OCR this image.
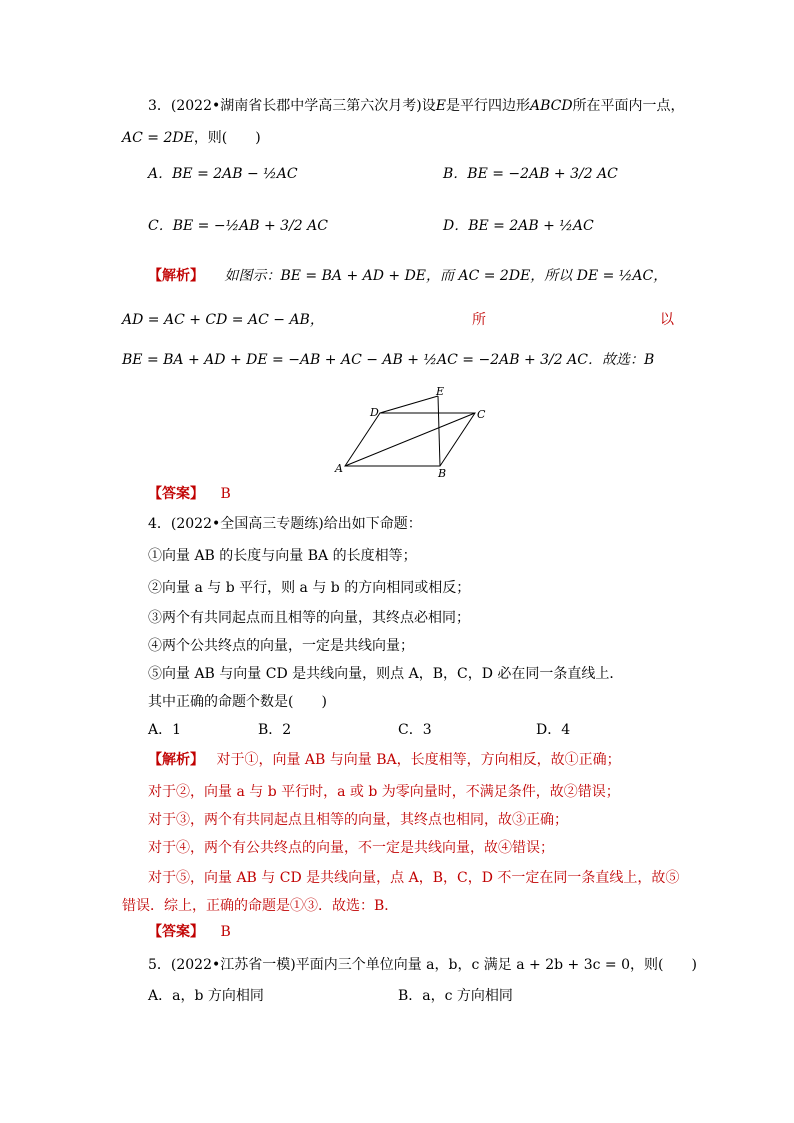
3．(2022•湖南省长郡中学高三第六次月考)设E是平行四边形ABCD所在平面内一点，
AC = 2DE，则(　　)
A．BE = 2AB − ½AC	B．BE = −2AB + 3/2 AC
C．BE = −½AB + 3/2 AC	D．BE = 2AB + ½AC
【解析】 如图示：BE = BA + AD + DE，而 AC = 2DE，所以 DE = ½AC，
AD = AC + CD = AC − AB，	所	以
BE = BA + AD + DE = −AB + AC − AB + ½AC = −2AB + 3/2 AC．故选：B
D
E
C
A	B
【答案】 B
4．(2022•全国高三专题练)给出如下命题：
①向量 AB 的长度与向量 BA 的长度相等；
②向量 a 与 b 平行，则 a 与 b 的方向相同或相反；
③两个有共同起点而且相等的向量，其终点必相同；
④两个公共终点的向量，一定是共线向量；
⑤向量 AB 与向量 CD 是共线向量，则点 A，B，C，D 必在同一条直线上．
其中正确的命题个数是(　　)
A．1	B．2	C．3	D．4
【解析】 对于①，向量 AB 与向量 BA，长度相等，方向相反，故①正确；
对于②，向量 a 与 b 平行时，a 或 b 为零向量时，不满足条件，故②错误；
对于③，两个有共同起点且相等的向量，其终点也相同，故③正确；
对于④，两个有公共终点的向量，不一定是共线向量，故④错误；
对于⑤，向量 AB 与 CD 是共线向量，点 A，B，C，D 不一定在同一条直线上，故⑤
错误．综上，正确的命题是①③．故选：B．
【答案】 B
5．(2022•江苏省一模)平面内三个单位向量 a，b，c 满足 a + 2b + 3c = 0，则(　　)
A．a，b 方向相同	B．a，c 方向相同
